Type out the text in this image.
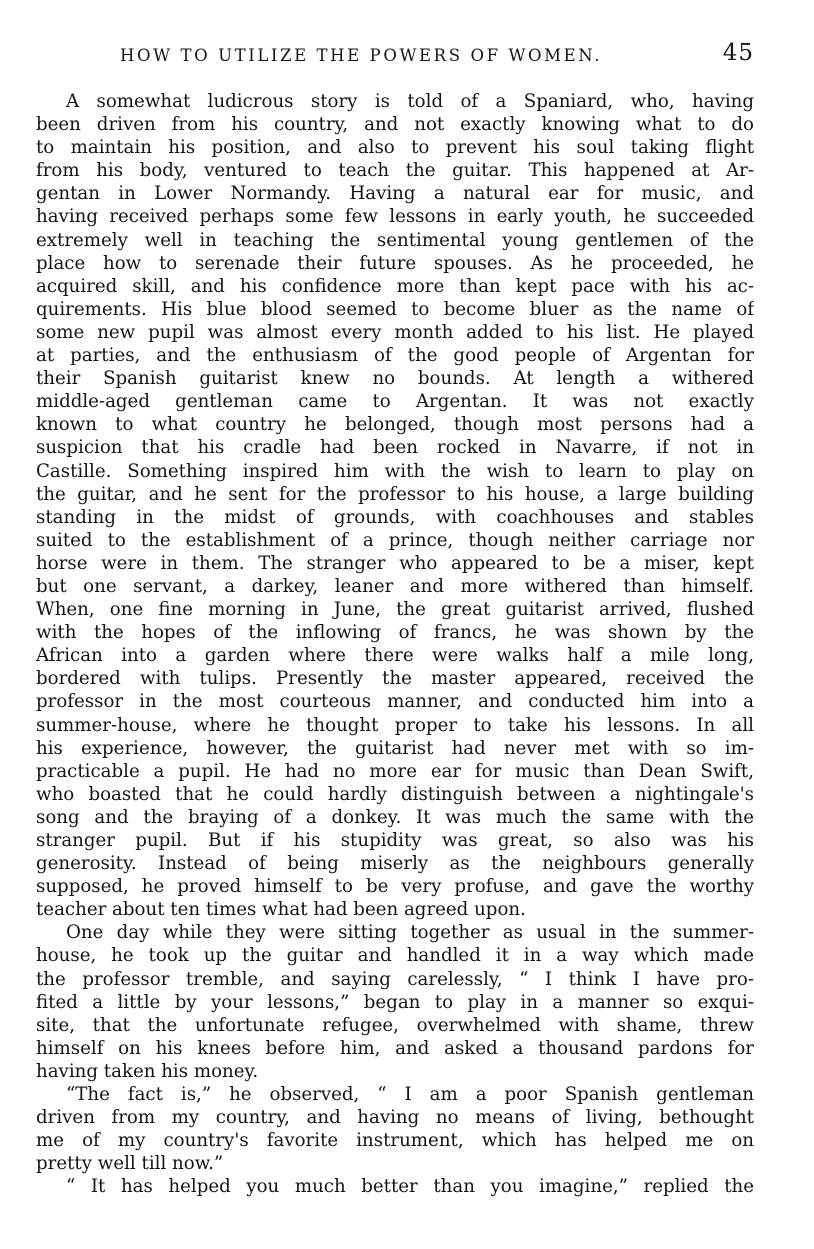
HOW TO UTILIZE THE POWERS OF WOMEN.	45
A somewhat ludicrous story is told of a Spaniard, who, having
been driven from his country, and not exactly knowing what to do
to maintain his position, and also to prevent his soul taking flight
from his body, ventured to teach the guitar. This happened at Ar-
gentan in Lower Normandy. Having a natural ear for music, and
having received perhaps some few lessons in early youth, he succeeded
extremely well in teaching the sentimental young gentlemen of the
place how to serenade their future spouses. As he proceeded, he
acquired skill, and his confidence more than kept pace with his ac-
quirements. His blue blood seemed to become bluer as the name of
some new pupil was almost every month added to his list. He played
at parties, and the enthusiasm of the good people of Argentan for
their Spanish guitarist knew no bounds. At length a withered
middle-aged gentleman came to Argentan. It was not exactly
known to what country he belonged, though most persons had a
suspicion that his cradle had been rocked in Navarre, if not in
Castille. Something inspired him with the wish to learn to play on
the guitar, and he sent for the professor to his house, a large building
standing in the midst of grounds, with coachhouses and stables
suited to the establishment of a prince, though neither carriage nor
horse were in them. The stranger who appeared to be a miser, kept
but one servant, a darkey, leaner and more withered than himself.
When, one fine morning in June, the great guitarist arrived, flushed
with the hopes of the inflowing of francs, he was shown by the
African into a garden where there were walks half a mile long,
bordered with tulips. Presently the master appeared, received the
professor in the most courteous manner, and conducted him into a
summer-house, where he thought proper to take his lessons. In all
his experience, however, the guitarist had never met with so im-
practicable a pupil. He had no more ear for music than Dean Swift,
who boasted that he could hardly distinguish between a nightingale's
song and the braying of a donkey. It was much the same with the
stranger pupil. But if his stupidity was great, so also was his
generosity. Instead of being miserly as the neighbours generally
supposed, he proved himself to be very profuse, and gave the worthy
teacher about ten times what had been agreed upon.
One day while they were sitting together as usual in the summer-
house, he took up the guitar and handled it in a way which made
the professor tremble, and saying carelessly, “ I think I have pro-
fited a little by your lessons,” began to play in a manner so exqui-
site, that the unfortunate refugee, overwhelmed with shame, threw
himself on his knees before him, and asked a thousand pardons for
having taken his money.
“The fact is,” he observed, “ I am a poor Spanish gentleman
driven from my country, and having no means of living, bethought
me of my country's favorite instrument, which has helped me on
pretty well till now.”
“ It has helped you much better than you imagine,” replied the
